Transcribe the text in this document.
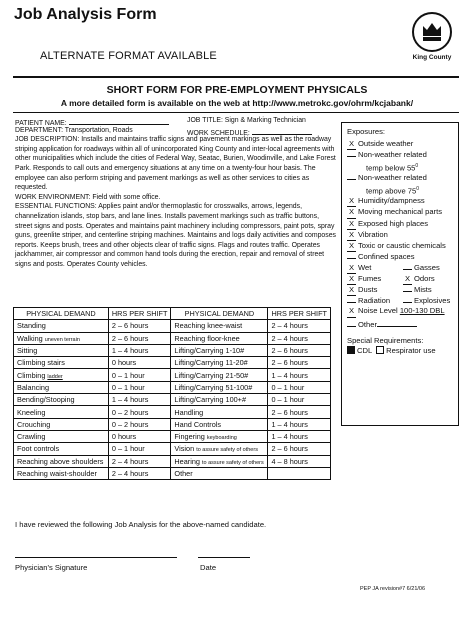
Job Analysis Form
ALTERNATE FORMAT AVAILABLE	King County
SHORT FORM FOR PRE-EMPLOYMENT PHYSICALS
A more detailed form is available on the web at http://www.metrokc.gov/ohrm/kcjabank/
PATIENT NAME:	JOB TITLE: Sign & Marking Technician
DEPARTMENT: Transportation, Roads	WORK SCHEDULE:
JOB DESCRIPTION: Installs and maintains traffic signs and pavement markings as well as the roadway striping application for roadways within all of unincorporated King County and inter-local agreements with other municipalities which include the cities of Federal Way, Seatac, Burien, Woodinville, and Lake Forest Park. Responds to call outs and emergency situations at any time on a twenty-four hour basis. The employee can also perform striping and pavement markings as well as other services to cities as requested.
WORK ENVIRONMENT: Field with some office.
ESSENTIAL FUNCTIONS: Applies paint and/or thermoplastic for crosswalks, arrows, legends, channelization islands, stop bars, and lane lines. Installs pavement markings such as traffic buttons, street signs and posts. Operates and maintains paint machinery including compressors, paint pots, spray guns, greenlite striper, and centerline striping machines. Maintains and logs daily activities and composes reports. Keeps brush, trees and other objects clear of traffic signs. Flags and routes traffic. Operates jackhammer, air compressor and common hand tools during the erection, repair and removal of street signs and posts. Operates County vehicles.
Exposures:
X Outside weather
Non-weather related
temp below $55^0$
Non-weather related
temp above $75^0$
X Humidity/dampness
X Moving mechanical parts
X Exposed high places
X Vibration
X Toxic or caustic chemicals
Confined spaces
X Wet	Gasses
X Fumes	X Odors
X Dusts	Mists
Radiation	Explosives
X Noise Level 100-130 DBL
Other
Special Requirements:
CDL Respirator use
PHYSICAL DEMAND	HRS PER SHIFT	PHYSICAL DEMAND	HRS PER SHIFT
Standing	2 – 6 hours	Reaching knee-waist	2 – 4 hours
Walking uneven terrain	2 – 6 hours	Reaching floor-knee	2 – 4 hours
Sitting	1 – 4 hours	Lifting/Carrying 1-10#	2 – 6 hours
Climbing stairs	0 hours	Lifting/Carrying 11-20#	2 – 6 hours
Climbing ladder	0 – 1 hour	Lifting/Carrying 21-50#	1 – 4 hours
Balancing	0 – 1 hour	Lifting/Carrying 51-100#	0 – 1 hour
Bending/Stooping	1 – 4 hours	Lifting/Carrying 100+#	0 – 1 hour
Kneeling	0 – 2 hours	Handling	2 – 6 hours
Crouching	0 – 2 hours	Hand Controls	1 – 4 hours
Crawling	0 hours	Fingering keyboarding	1 – 4 hours
Foot controls	0 – 1 hour	Vision to assure safety of others	2 – 6 hours
Reaching above shoulders	2 – 4 hours	Hearing to assure safety of others	4 – 8 hours
Reaching waist-shoulder	2 – 4 hours	Other	
I have reviewed the following Job Analysis for the above-named candidate.
Physician's Signature	Date
PEP JA revision#7 6/21/06
